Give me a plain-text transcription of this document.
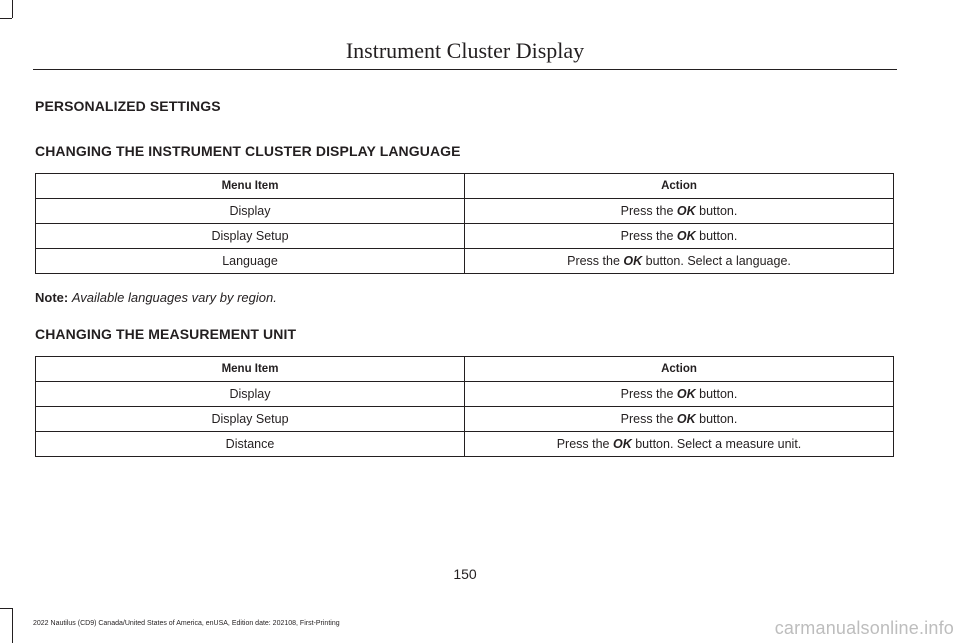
Instrument Cluster Display
PERSONALIZED SETTINGS
CHANGING THE INSTRUMENT CLUSTER DISPLAY LANGUAGE
Menu Item	Action
Display	Press the OK button.
Display Setup	Press the OK button.
Language	Press the OK button. Select a language.
Note: Available languages vary by region.
CHANGING THE MEASUREMENT UNIT
Menu Item	Action
Display	Press the OK button.
Display Setup	Press the OK button.
Distance	Press the OK button. Select a measure unit.
150
2022 Nautilus (CD9) Canada/United States of America, enUSA, Edition date: 202108, First-Printing	carmanualsonline.info
